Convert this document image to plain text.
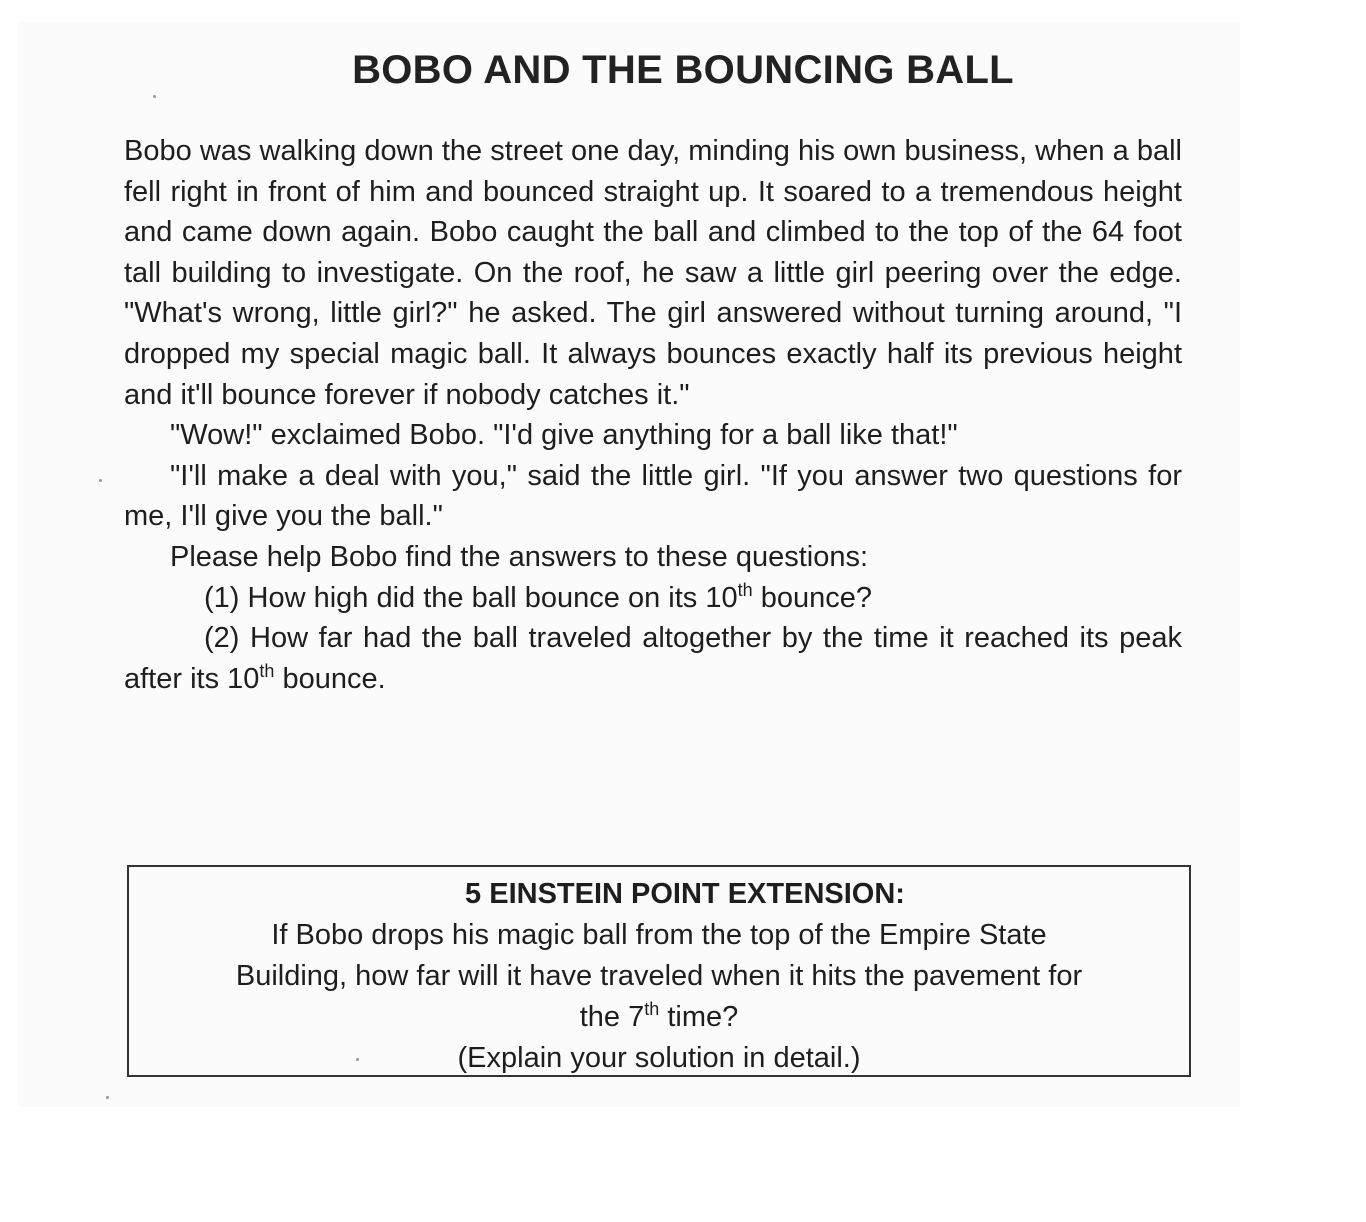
BOBO AND THE BOUNCING BALL

Bobo was walking down the street one day, minding his own business, when a ball fell right in front of him and bounced straight up. It soared to a tremendous height and came down again. Bobo caught the ball and climbed to the top of the 64 foot tall building to investigate. On the roof, he saw a little girl peering over the edge. "What's wrong, little girl?" he asked. The girl answered without turning around, "I dropped my special magic ball. It always bounces exactly half its previous height and it'll bounce forever if nobody catches it."

"Wow!" exclaimed Bobo. "I'd give anything for a ball like that!"

"I'll make a deal with you," said the little girl. "If you answer two questions for me, I'll give you the ball."

Please help Bobo find the answers to these questions:

(1) How high did the ball bounce on its 10th bounce?

(2) How far had the ball traveled altogether by the time it reached its peak after its 10th bounce.

5 EINSTEIN POINT EXTENSION:
If Bobo drops his magic ball from the top of the Empire State
Building, how far will it have traveled when it hits the pavement for
the 7th time?
(Explain your solution in detail.)
